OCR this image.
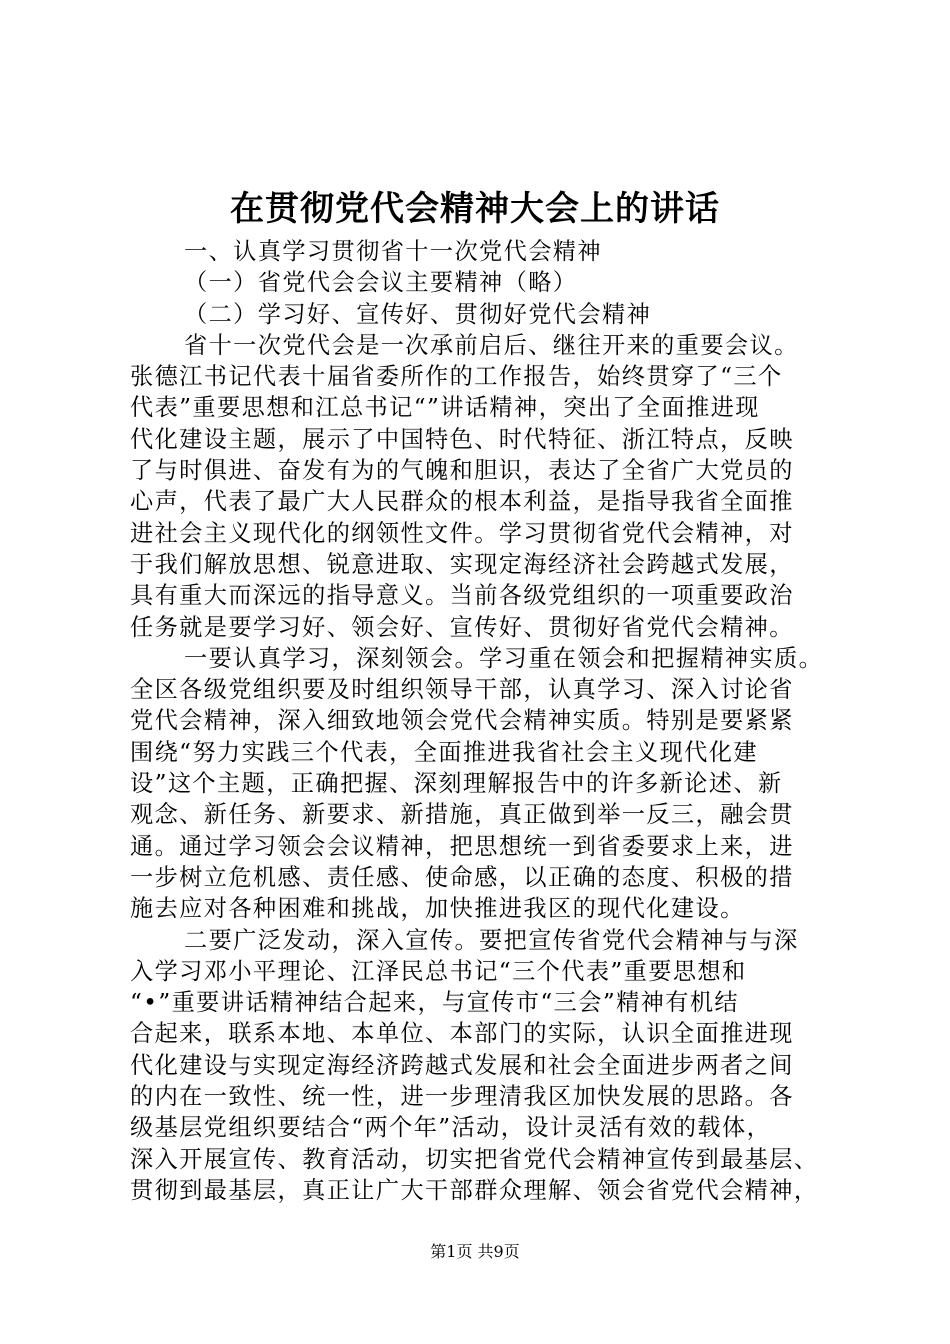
在贯彻党代会精神大会上的讲话

一、认真学习贯彻省十一次党代会精神

（一）省党代会会议主要精神（略）

（二）学习好、宣传好、贯彻好党代会精神

省十一次党代会是一次承前启后、继往开来的重要会议。

张德江书记代表十届省委所作的工作报告，始终贯穿了“三个

代表”重要思想和江总书记“”讲话精神，突出了全面推进现

代化建设主题，展示了中国特色、时代特征、浙江特点，反映

了与时俱进、奋发有为的气魄和胆识，表达了全省广大党员的

心声，代表了最广大人民群众的根本利益，是指导我省全面推

进社会主义现代化的纲领性文件。学习贯彻省党代会精神，对

于我们解放思想、锐意进取、实现定海经济社会跨越式发展，

具有重大而深远的指导意义。当前各级党组织的一项重要政治

任务就是要学习好、领会好、宣传好、贯彻好省党代会精神。

一要认真学习，深刻领会。学习重在领会和把握精神实质。

全区各级党组织要及时组织领导干部，认真学习、深入讨论省

党代会精神，深入细致地领会党代会精神实质。特别是要紧紧

围绕“努力实践三个代表，全面推进我省社会主义现代化建

设”这个主题，正确把握、深刻理解报告中的许多新论述、新

观念、新任务、新要求、新措施，真正做到举一反三，融会贯

通。通过学习领会会议精神，把思想统一到省委要求上来，进

一步树立危机感、责任感、使命感，以正确的态度、积极的措

施去应对各种困难和挑战，加快推进我区的现代化建设。

二要广泛发动，深入宣传。要把宣传省党代会精神与与深

入学习邓小平理论、江泽民总书记“三个代表”重要思想和

“•”重要讲话精神结合起来，与宣传市“三会”精神有机结

合起来，联系本地、本单位、本部门的实际，认识全面推进现

代化建设与实现定海经济跨越式发展和社会全面进步两者之间

的内在一致性、统一性，进一步理清我区加快发展的思路。各

级基层党组织要结合“两个年”活动，设计灵活有效的载体，

深入开展宣传、教育活动，切实把省党代会精神宣传到最基层、

贯彻到最基层，真正让广大干部群众理解、领会省党代会精神，

第1页 共9页
